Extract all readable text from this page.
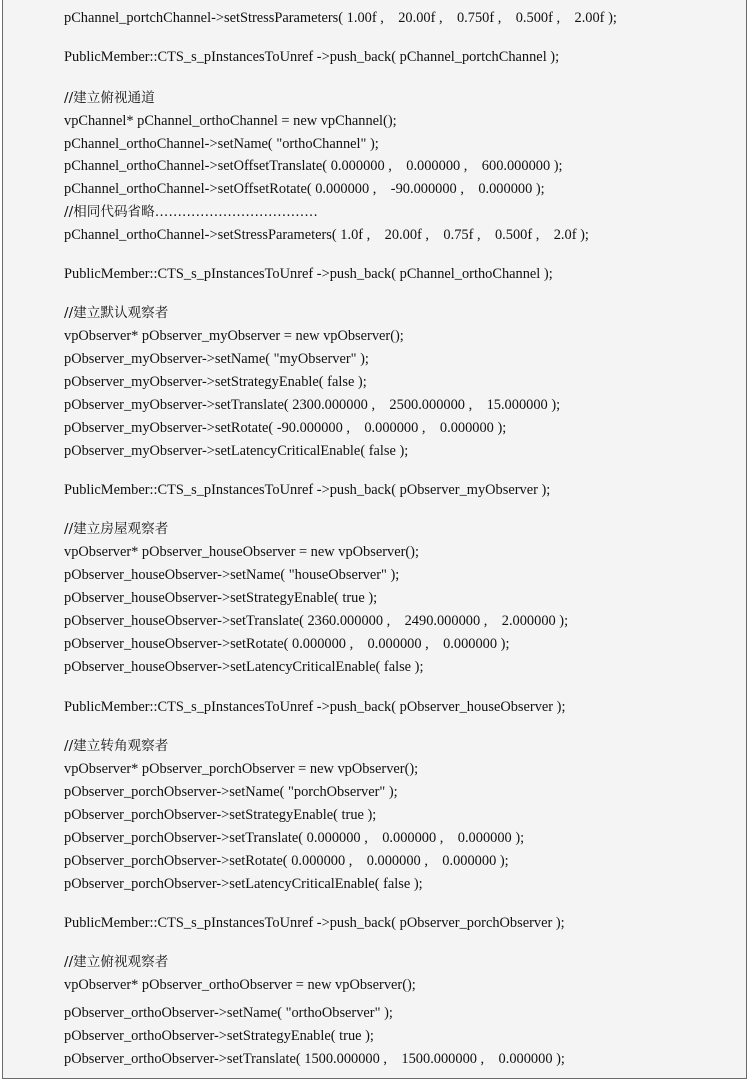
pChannel_portchChannel->setStressParameters( 1.00f ,    20.00f ,    0.750f ,    0.500f ,    2.00f );
PublicMember::CTS_s_pInstancesToUnref ->push_back( pChannel_portchChannel );
//建立俯视通道
vpChannel* pChannel_orthoChannel = new vpChannel();
pChannel_orthoChannel->setName( "orthoChannel" );
pChannel_orthoChannel->setOffsetTranslate( 0.000000 ,    0.000000 ,    600.000000 );
pChannel_orthoChannel->setOffsetRotate( 0.000000 ,    -90.000000 ,    0.000000 );
//相同代码省略………………………………
pChannel_orthoChannel->setStressParameters( 1.0f ,    20.00f ,    0.75f ,    0.500f ,    2.0f );
PublicMember::CTS_s_pInstancesToUnref ->push_back( pChannel_orthoChannel );
//建立默认观察者
vpObserver* pObserver_myObserver = new vpObserver();
pObserver_myObserver->setName( "myObserver" );
pObserver_myObserver->setStrategyEnable( false );
pObserver_myObserver->setTranslate( 2300.000000 ,    2500.000000 ,    15.000000 );
pObserver_myObserver->setRotate( -90.000000 ,    0.000000 ,    0.000000 );
pObserver_myObserver->setLatencyCriticalEnable( false );
PublicMember::CTS_s_pInstancesToUnref ->push_back( pObserver_myObserver );
//建立房屋观察者
vpObserver* pObserver_houseObserver = new vpObserver();
pObserver_houseObserver->setName( "houseObserver" );
pObserver_houseObserver->setStrategyEnable( true );
pObserver_houseObserver->setTranslate( 2360.000000 ,    2490.000000 ,    2.000000 );
pObserver_houseObserver->setRotate( 0.000000 ,    0.000000 ,    0.000000 );
pObserver_houseObserver->setLatencyCriticalEnable( false );
PublicMember::CTS_s_pInstancesToUnref ->push_back( pObserver_houseObserver );
//建立转角观察者
vpObserver* pObserver_porchObserver = new vpObserver();
pObserver_porchObserver->setName( "porchObserver" );
pObserver_porchObserver->setStrategyEnable( true );
pObserver_porchObserver->setTranslate( 0.000000 ,    0.000000 ,    0.000000 );
pObserver_porchObserver->setRotate( 0.000000 ,    0.000000 ,    0.000000 );
pObserver_porchObserver->setLatencyCriticalEnable( false );
PublicMember::CTS_s_pInstancesToUnref ->push_back( pObserver_porchObserver );
//建立俯视观察者
vpObserver* pObserver_orthoObserver = new vpObserver();
pObserver_orthoObserver->setName( "orthoObserver" );
pObserver_orthoObserver->setStrategyEnable( true );
pObserver_orthoObserver->setTranslate( 1500.000000 ,    1500.000000 ,    0.000000 );
